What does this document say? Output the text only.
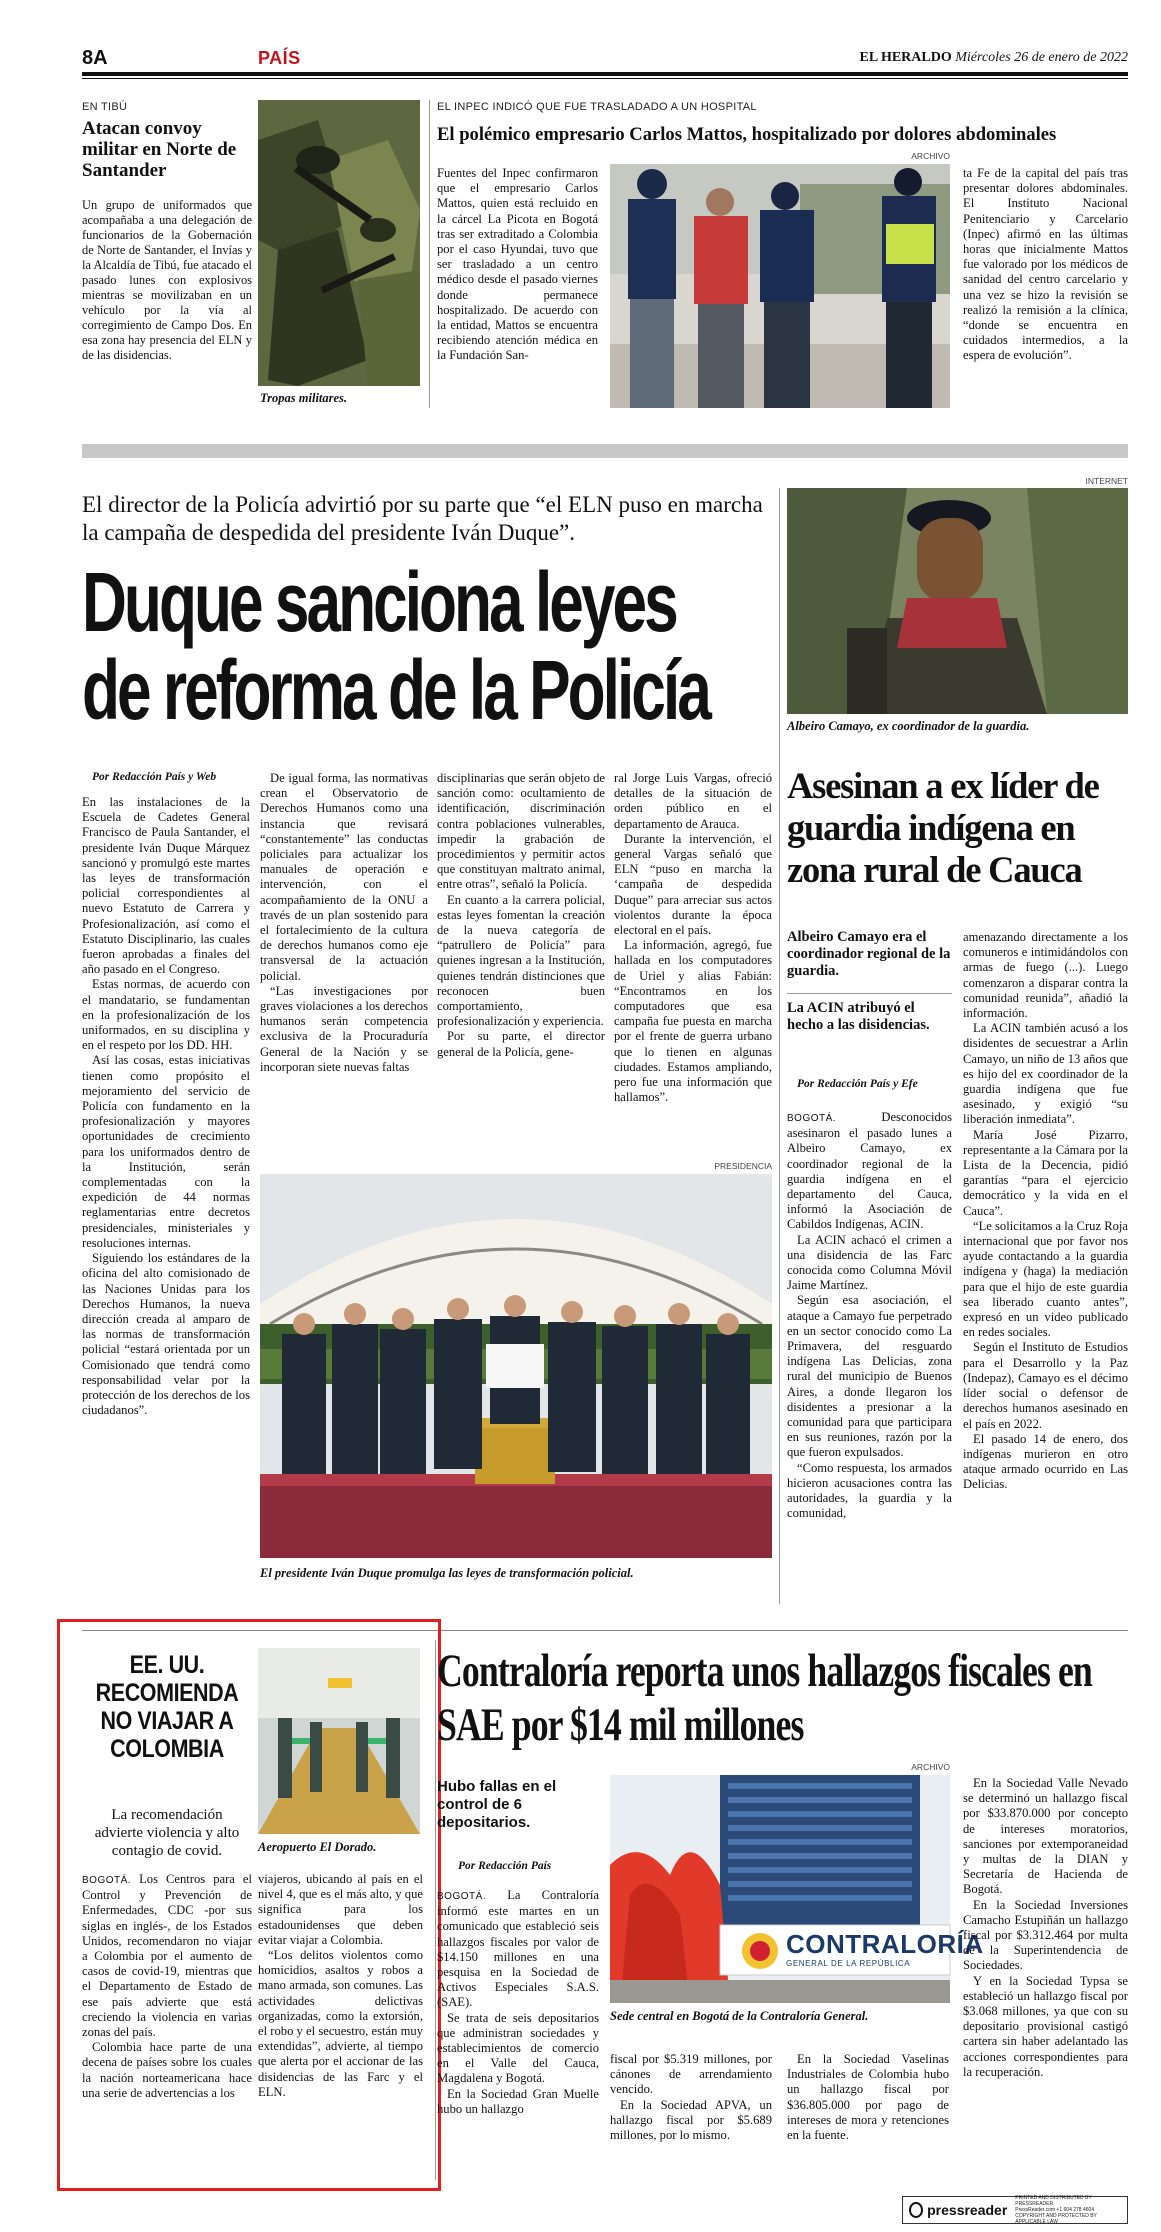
8A	PAÍS	EL HERALDO Miércoles 26 de enero de 2022
EN TIBÚ
Atacan convoy militar en Norte de Santander
Un grupo de uniformados que acompañaba a una delegación de funcionarios de la Gobernación de Norte de Santander, el Invías y la Alcaldía de Tibú, fue atacado el pasado lunes con explosivos mientras se movilizaban en un vehículo por la vía al corregimiento de Campo Dos. En esa zona hay presencia del ELN y de las disidencias.
Tropas militares.
EL INPEC INDICÓ QUE FUE TRASLADADO A UN HOSPITAL
El polémico empresario Carlos Mattos, hospitalizado por dolores abdominales
Fuentes del Inpec confirmaron que el empresario Carlos Mattos, quien está recluido en la cárcel La Picota en Bogotá tras ser extraditado a Colombia por el caso Hyundai, tuvo que ser trasladado a un centro médico desde el pasado viernes donde permanece hospitalizado. De acuerdo con la entidad, Mattos se encuentra recibiendo atención médica en la Fundación San-
ARCHIVO
ta Fe de la capital del país tras presentar dolores abdominales. El Instituto Nacional Penitenciario y Carcelario (Inpec) afirmó en las últimas horas que inicialmente Mattos fue valorado por los médicos de sanidad del centro carcelario y una vez se hizo la revisión se realizó la remisión a la clínica, “donde se encuentra en cuidados intermedios, a la espera de evolución”.
El director de la Policía advirtió por su parte que “el ELN puso en marcha la campaña de despedida del presidente Iván Duque”.
Duque sanciona leyes
de reforma de la Policía
Por Redacción País y Web

En las instalaciones de la Escuela de Cadetes General Francisco de Paula Santander, el presidente Iván Duque Márquez sancionó y promulgó este martes las leyes de transformación policial correspondientes al nuevo Estatuto de Carrera y Profesionalización, así como el Estatuto Disciplinario, las cuales fueron aprobadas a finales del año pasado en el Congreso.

Estas normas, de acuerdo con el mandatario, se fundamentan en la profesionalización de los uniformados, en su disciplina y en el respeto por los DD. HH.

Así las cosas, estas iniciativas tienen como propósito el mejoramiento del servicio de Policía con fundamento en la profesionalización y mayores oportunidades de crecimiento para los uniformados dentro de la Institución, serán complementadas con la expedición de 44 normas reglamentarias entre decretos presidenciales, ministeriales y resoluciones internas.

Siguiendo los estándares de la oficina del alto comisionado de las Naciones Unidas para los Derechos Humanos, la nueva dirección creada al amparo de las normas de transformación policial “estará orientada por un Comisionado que tendrá como responsabilidad velar por la protección de los derechos de los ciudadanos”.

De igual forma, las normativas crean el Observatorio de Derechos Humanos como una instancia que revisará “constantemente” las conductas policiales para actualizar los manuales de operación e intervención, con el acompañamiento de la ONU a través de un plan sostenido para el fortalecimiento de la cultura de derechos humanos como eje transversal de la actuación policial.

“Las investigaciones por graves violaciones a los derechos humanos serán competencia exclusiva de la Procuraduría General de la Nación y se incorporan siete nuevas faltas

disciplinarias que serán objeto de sanción como: ocultamiento de identificación, discriminación contra poblaciones vulnerables, impedir la grabación de procedimientos y permitir actos que constituyan maltrato animal, entre otras”, señaló la Policía.

En cuanto a la carrera policial, estas leyes fomentan la creación de la nueva categoría de “patrullero de Policía” para quienes ingresan a la Institución, quienes tendrán distinciones que reconocen buen comportamiento, profesionalización y experiencia.

Por su parte, el director general de la Policía, gene-

ral Jorge Luis Vargas, ofreció detalles de la situación de orden público en el departamento de Arauca.

Durante la intervención, el general Vargas señaló que ELN “puso en marcha la ‘campaña de despedida Duque” para arreciar sus actos violentos durante la época electoral en el país.

La información, agregó, fue hallada en los computadores de Uriel y alias Fabián: “Encontramos en los computadores que esa campaña fue puesta en marcha por el frente de guerra urbano que lo tienen en algunas ciudades. Estamos ampliando, pero fue una información que hallamos”.

PRESIDENCIA
El presidente Iván Duque promulga las leyes de transformación policial.
INTERNET
Albeiro Camayo, ex coordinador de la guardia.
Asesinan a ex líder de guardia indígena en zona rural de Cauca
Albeiro Camayo era el coordinador regional de la guardia.
La ACIN atribuyó el hecho a las disidencias.
Por Redacción País y Efe

BOGOTÁ.	Desconocidos asesinaron el pasado lunes a Albeiro Camayo, ex coordinador regional de la guardia indígena en el departamento del Cauca, informó la Asociación de Cabildos Indígenas, ACIN.

La ACIN achacó el crimen a una disidencia de las Farc conocida como Columna Móvil Jaime Martínez.

Según esa asociación, el ataque a Camayo fue perpetrado en un sector conocido como La Primavera, del resguardo indígena Las Delicias, zona rural del municipio de Buenos Aires, a donde llegaron los disidentes a presionar a la comunidad para que participara en sus reuniones, razón por la que fueron expulsados.

“Como respuesta, los armados hicieron acusaciones contra las autoridades, la guardia y la comunidad,

amenazando directamente a los comuneros e intimidándolos con armas de fuego (...). Luego comenzaron a disparar contra la comunidad reunida”, añadió la información.

La ACIN también acusó a los disidentes de secuestrar a Arlin Camayo, un niño de 13 años que es hijo del ex coordinador de la guardia indígena que fue asesinado, y exigió “su liberación inmediata”.

María José Pizarro, representante a la Cámara por la Lista de la Decencia, pidió garantías “para el ejercicio democrático y la vida en el Cauca”.

“Le solicitamos a la Cruz Roja internacional que por favor nos ayude contactando a la guardia indígena y (haga) la mediación para que el hijo de este guardia sea liberado cuanto antes”, expresó en un video publicado en redes sociales.

Según el Instituto de Estudios para el Desarrollo y la Paz (Indepaz), Camayo es el décimo líder social o defensor de derechos humanos asesinado en el país en 2022.

El pasado 14 de enero, dos indígenas murieron en otro ataque armado ocurrido en Las Delicias.

EE. UU. RECOMIENDA NO VIAJAR A COLOMBIA
La recomendación advierte violencia y alto contagio de covid.	Aeropuerto El Dorado.

BOGOTÁ. Los Centros para el Control y Prevención de Enfermedades, CDC -por sus siglas en inglés-, de los Estados Unidos, recomendaron no viajar a Colombia por el aumento de casos de covid-19, mientras que el Departamento de Estado de ese país advierte que está creciendo la violencia en varias zonas del país.

Colombia hace parte de una decena de países sobre los cuales la nación norteamericana hace una serie de advertencias a los

viajeros, ubicando al país en el nivel 4, que es el más alto, y que significa para los estadounidenses que deben evitar viajar a Colombia.

“Los delitos violentos como homicidios, asaltos y robos a mano armada, son comunes. Las actividades delictivas organizadas, como la extorsión, el robo y el secuestro, están muy extendidas”, advierte, al tiempo que alerta por el accionar de las disidencias de las Farc y el ELN.

Contraloría reporta unos hallazgos fiscales en SAE por $14 mil millones
ARCHIVO
Hubo fallas en el control de 6 depositarios.
Por Redacción País
CONTRALORÍA
GENERAL DE LA REPÚBLICA
Sede central en Bogotá de la Contraloría General.

BOGOTÁ. La Contraloría informó este martes en un comunicado que estableció seis hallazgos fiscales por valor de $14.150 millones en una pesquisa en la Sociedad de Activos Especiales S.A.S. (SAE).

Se trata de seis depositarios que administran sociedades y establecimientos de comercio en el Valle del Cauca, Magdalena y Bogotá.

En la Sociedad Gran Muelle hubo un hallazgo

fiscal por $5.319 millones, por cánones de arrendamiento vencido.

En la Sociedad APVA, un hallazgo fiscal por $5.689 millones, por lo mismo.

En la Sociedad Vaselinas Industriales de Colombia hubo un hallazgo fiscal por $36.805.000 por pago de intereses de mora y retenciones en la fuente.

En la Sociedad Valle Nevado se determinó un hallazgo fiscal por $33.870.000 por concepto de intereses moratorios, sanciones por extemporaneidad y multas de la DIAN y Secretaría de Hacienda de Bogotá.

En la Sociedad Inversiones Camacho Estupiñán un hallazgo fiscal por $3.312.464 por multa de la Superintendencia de Sociedades.

Y en la Sociedad Typsa se estableció un hallazgo fiscal por $3.068 millones, ya que con su depositario provisional castigó cartera sin haber adelantado las acciones correspondientes para la recuperación.

pressreader
PRINTED AND DISTRIBUTED BY PRESSREADER
PressReader.com +1 604 278 4604
COPYRIGHT AND PROTECTED BY APPLICABLE LAW
